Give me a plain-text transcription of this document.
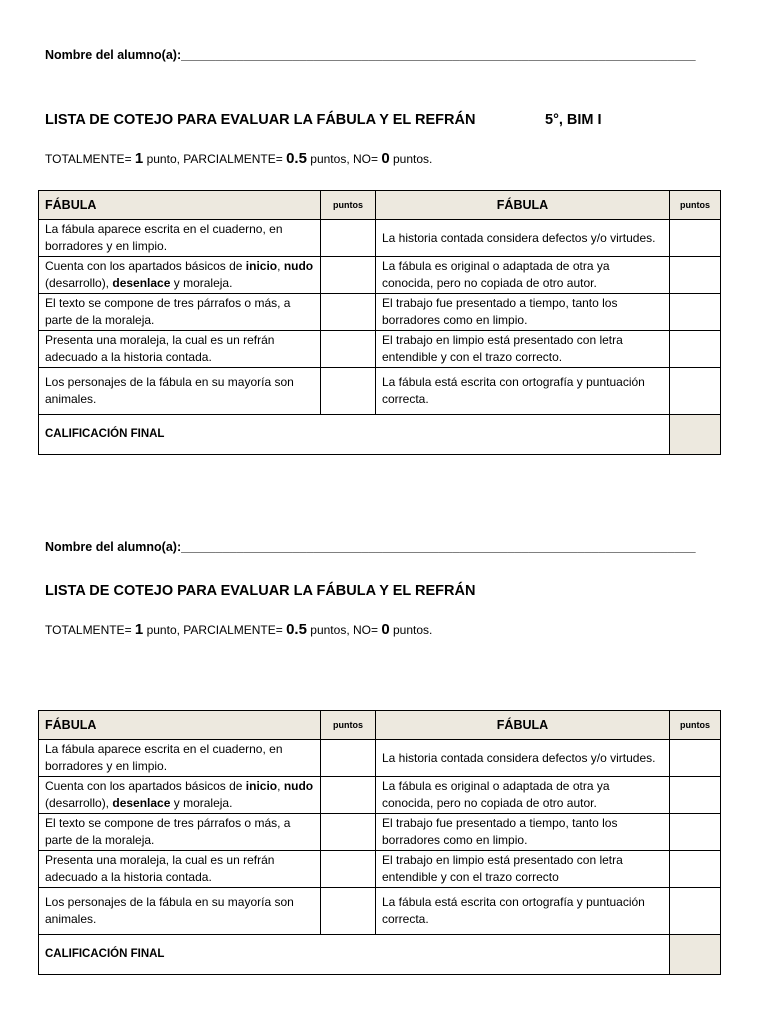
Nombre del alumno(a):__________________________________________________________________________
LISTA DE COTEJO PARA EVALUAR LA FÁBULA Y EL REFRÁN	5°, BIM I
TOTALMENTE= 1 punto, PARCIALMENTE= 0.5 puntos, NO= 0 puntos.
FÁBULA	puntos	FÁBULA	puntos
La fábula aparece escrita en el cuaderno, en borradores y en limpio.		La historia contada considera defectos y/o virtudes.	
Cuenta con los apartados básicos de inicio, nudo (desarrollo), desenlace y moraleja.		La fábula es original o adaptada de otra ya conocida, pero no copiada de otro autor.	
El texto se compone de tres párrafos o más, a parte de la moraleja.		El trabajo fue presentado a tiempo, tanto los borradores como en limpio.	
Presenta una moraleja, la cual es un refrán adecuado a la historia contada.		El trabajo en limpio está presentado con letra entendible y con el trazo correcto.	
Los personajes de la fábula en su mayoría son animales.		La fábula está escrita con ortografía y puntuación correcta.	
CALIFICACIÓN FINAL			
Nombre del alumno(a):__________________________________________________________________________
LISTA DE COTEJO PARA EVALUAR LA FÁBULA Y EL REFRÁN
TOTALMENTE= 1 punto, PARCIALMENTE= 0.5 puntos, NO= 0 puntos.
FÁBULA	puntos	FÁBULA	puntos
La fábula aparece escrita en el cuaderno, en borradores y en limpio.		La historia contada considera defectos y/o virtudes.	
Cuenta con los apartados básicos de inicio, nudo (desarrollo), desenlace y moraleja.		La fábula es original o adaptada de otra ya conocida, pero no copiada de otro autor.	
El texto se compone de tres párrafos o más, a parte de la moraleja.		El trabajo fue presentado a tiempo, tanto los borradores como en limpio.	
Presenta una moraleja, la cual es un refrán adecuado a la historia contada.		El trabajo en limpio está presentado con letra entendible y con el trazo correcto	
Los personajes de la fábula en su mayoría son animales.		La fábula está escrita con ortografía y puntuación correcta.	
CALIFICACIÓN FINAL			
